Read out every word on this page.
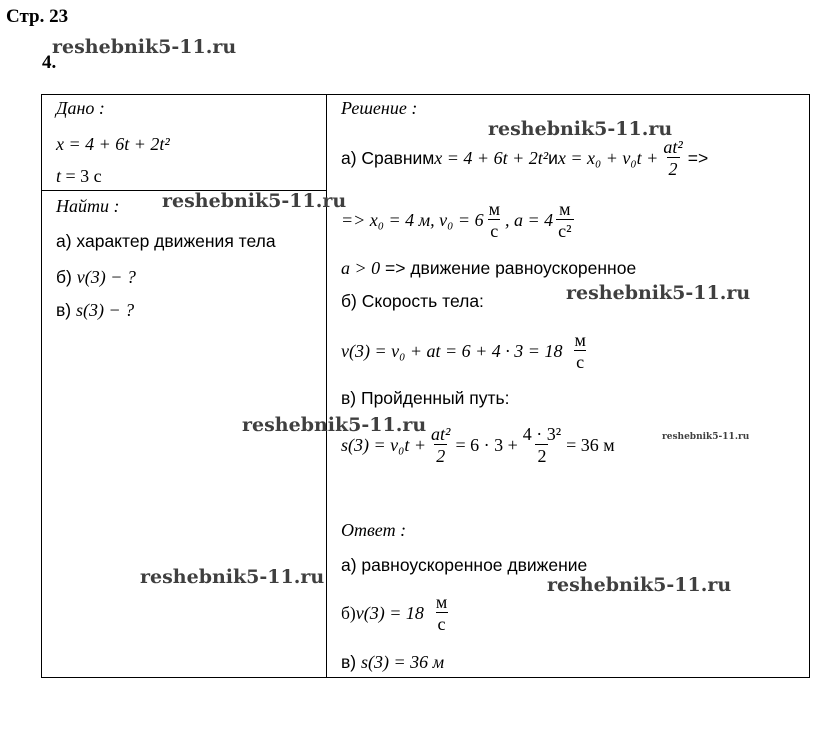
Стр. 23
4.
Дано :
x = 4 + 6t + 2t²
t = 3 с
Найти :
а) характер движения тела
б) v(3) − ?
в) s(3) − ?
Решение :
а) Сравним x = 4 + 6t + 2t² и $x = x_0 + v_0t + \frac{\text{at²}}{2}$ =>
=> x₀ = 4 м, $v_0 = 6 \frac{м}{с}$ , $a = 4 \frac{м}{\text{с²}}$
a > 0 => движение равноускоренное
б) Скорость тела:
v(3) = v₀ + at = $6 + 4 \cdot 3 = 18 \frac{м}{с}$
в) Пройденный путь:
$s(3) = v_0t + \frac{\text{at²}}{2} = 6 \cdot 3 + \frac{\text{4 · 3²}}{2} = 36$ м
Ответ :
а) равноускоренное движение
б) $v(3) = 18 \frac{м}{с}$
в) s(3) = 36 м
reshebnik5-11.ru
reshebnik5-11.ru
reshebnik5-11.ru
reshebnik5-11.ru
reshebnik5-11.ru
reshebnik5-11.ru
reshebnik5-11.ru	reshebnik5-11.ru
